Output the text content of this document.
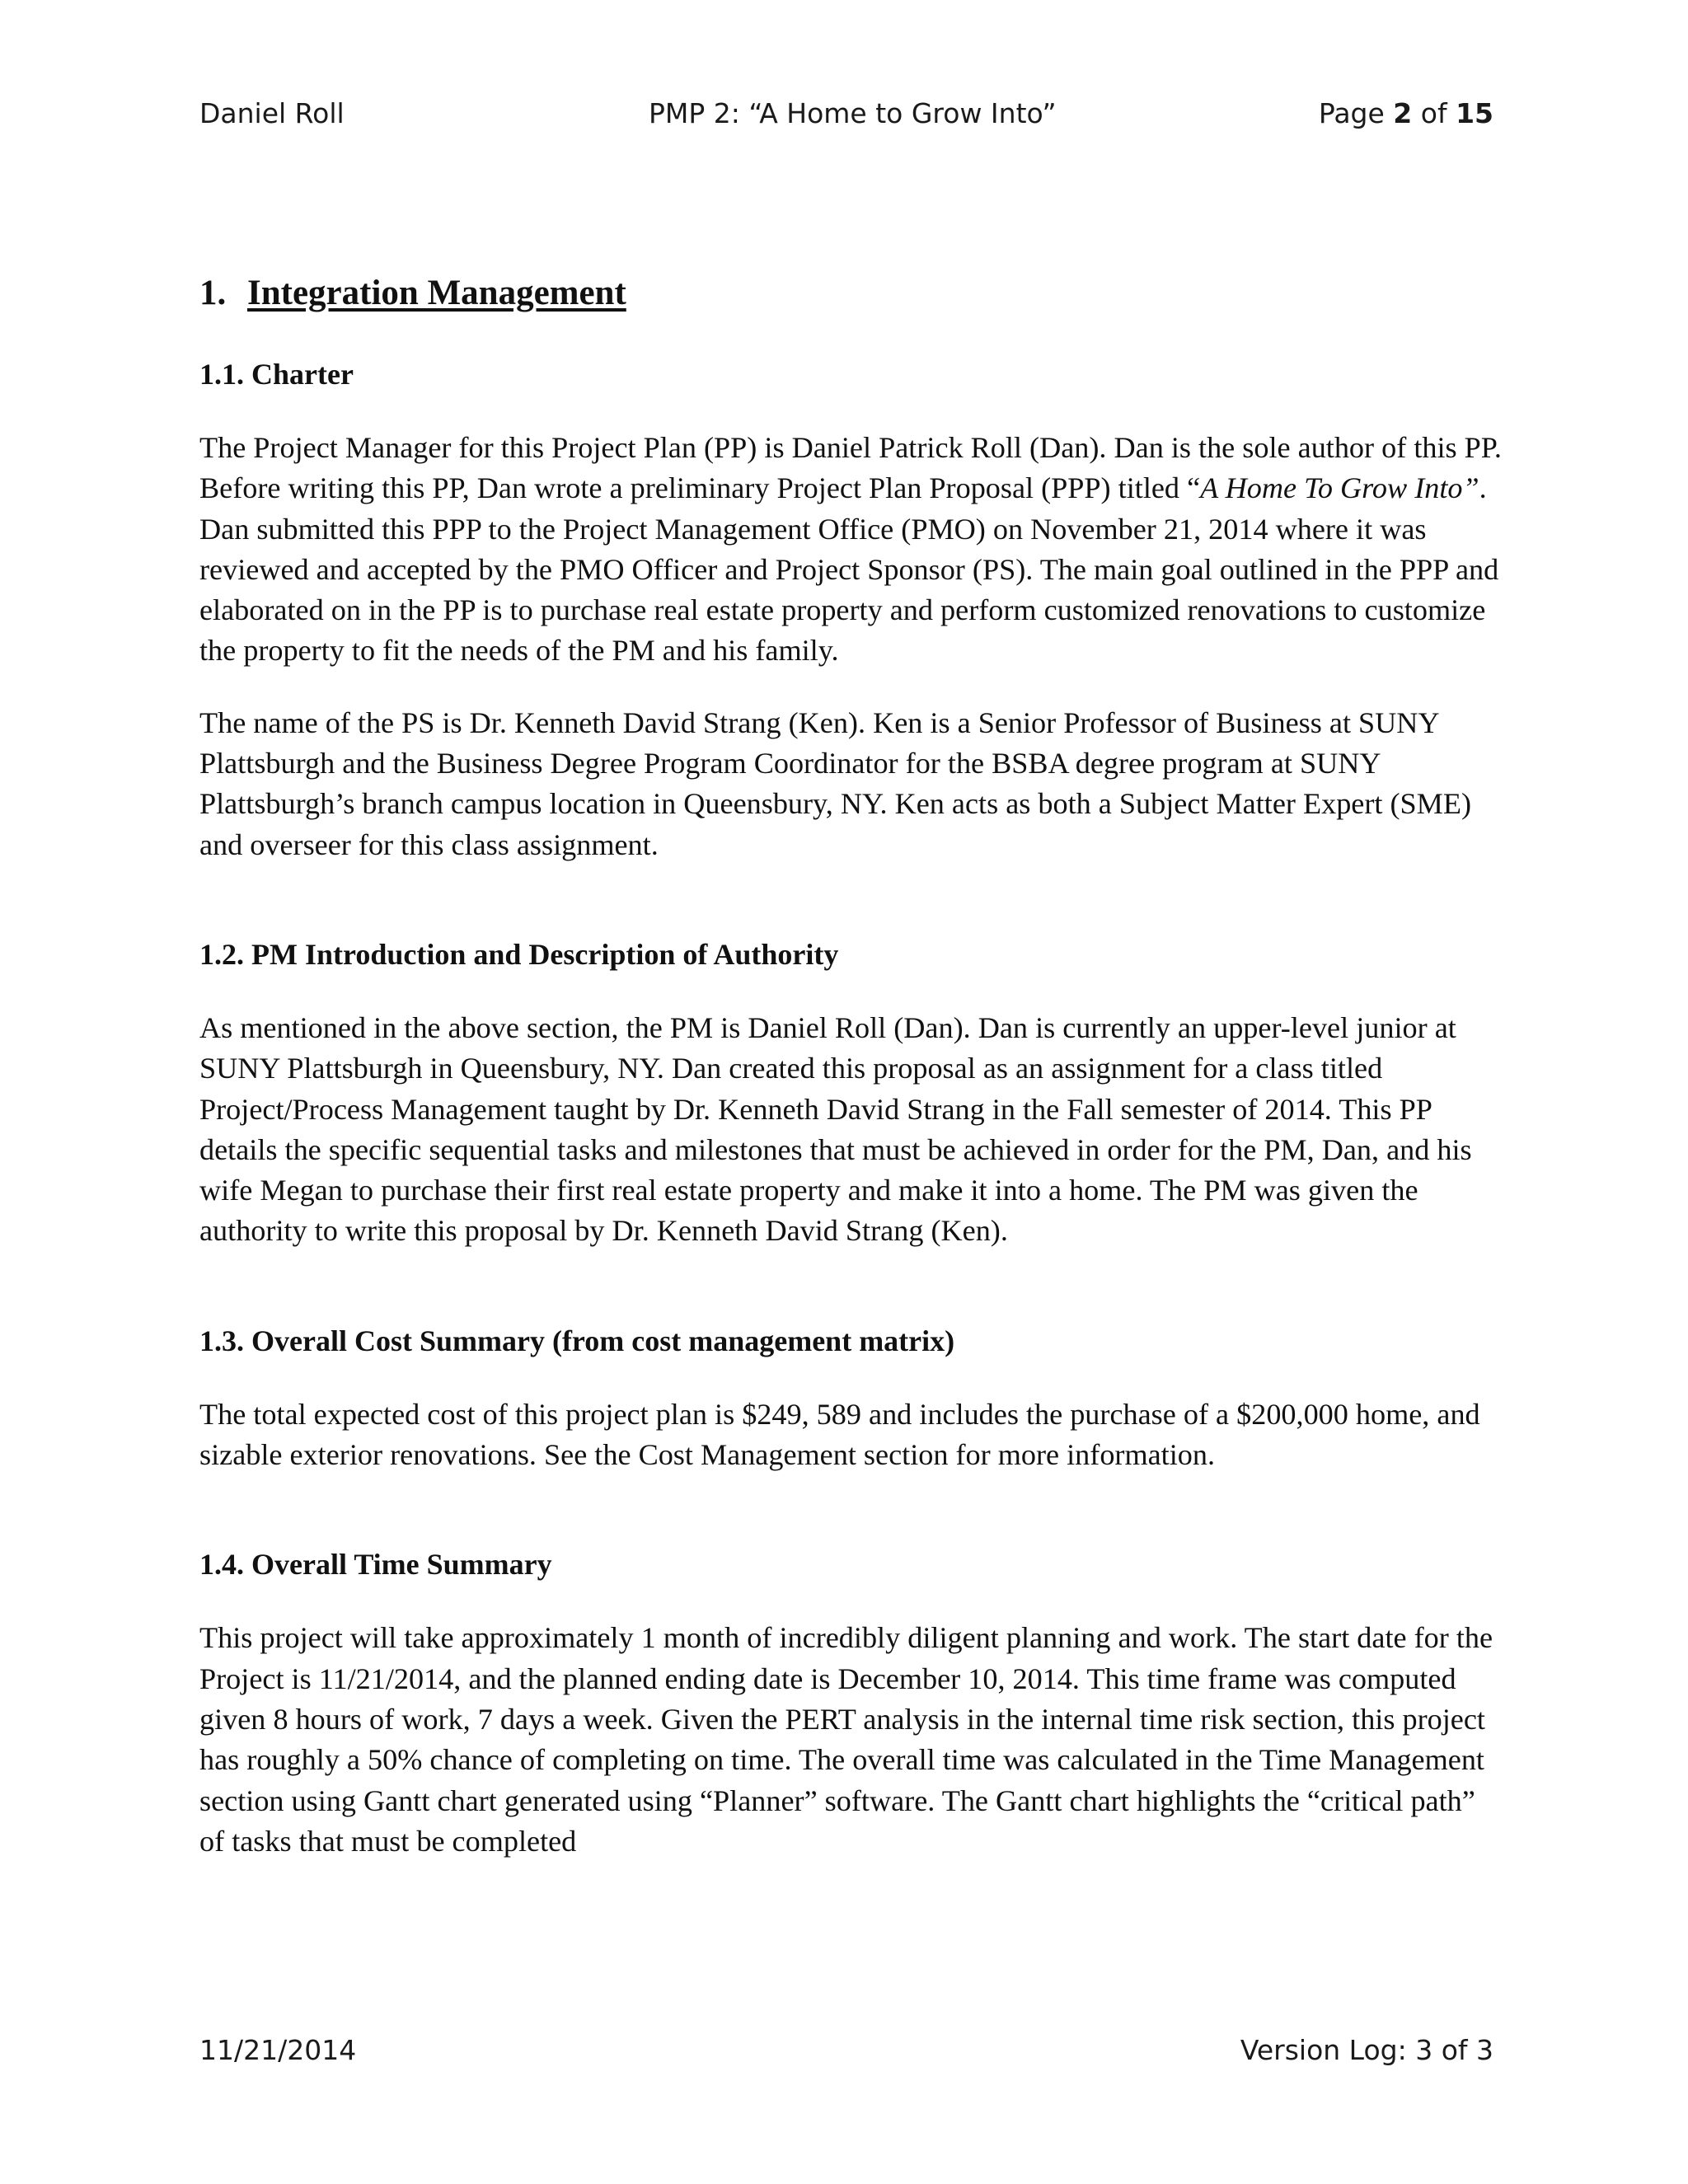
Daniel Roll	PMP 2: “A Home to Grow Into”	Page 2 of 15
1. Integration Management
1.1. Charter

The Project Manager for this Project Plan (PP) is Daniel Patrick Roll (Dan). Dan is the sole author of this PP. Before writing this PP, Dan wrote a preliminary Project Plan Proposal (PPP) titled “A Home To Grow Into”. Dan submitted this PPP to the Project Management Office (PMO) on November 21, 2014 where it was reviewed and accepted by the PMO Officer and Project Sponsor (PS). The main goal outlined in the PPP and elaborated on in the PP is to purchase real estate property and perform customized renovations to customize the property to fit the needs of the PM and his family.

The name of the PS is Dr. Kenneth David Strang (Ken). Ken is a Senior Professor of Business at SUNY Plattsburgh and the Business Degree Program Coordinator for the BSBA degree program at SUNY Plattsburgh’s branch campus location in Queensbury, NY. Ken acts as both a Subject Matter Expert (SME) and overseer for this class assignment.

1.2. PM Introduction and Description of Authority

As mentioned in the above section, the PM is Daniel Roll (Dan). Dan is currently an upper-level junior at SUNY Plattsburgh in Queensbury, NY. Dan created this proposal as an assignment for a class titled Project/Process Management taught by Dr. Kenneth David Strang in the Fall semester of 2014. This PP details the specific sequential tasks and milestones that must be achieved in order for the PM, Dan, and his wife Megan to purchase their first real estate property and make it into a home. The PM was given the authority to write this proposal by Dr. Kenneth David Strang (Ken).

1.3. Overall Cost Summary (from cost management matrix)

The total expected cost of this project plan is $249, 589 and includes the purchase of a $200,000 home, and sizable exterior renovations. See the Cost Management section for more information.

1.4. Overall Time Summary

This project will take approximately 1 month of incredibly diligent planning and work. The start date for the Project is 11/21/2014, and the planned ending date is December 10, 2014. This time frame was computed given 8 hours of work, 7 days a week. Given the PERT analysis in the internal time risk section, this project has roughly a 50% chance of completing on time. The overall time was calculated in the Time Management section using Gantt chart generated using “Planner” software. The Gantt chart highlights the “critical path” of tasks that must be completed

11/21/2014	Version Log: 3 of 3
